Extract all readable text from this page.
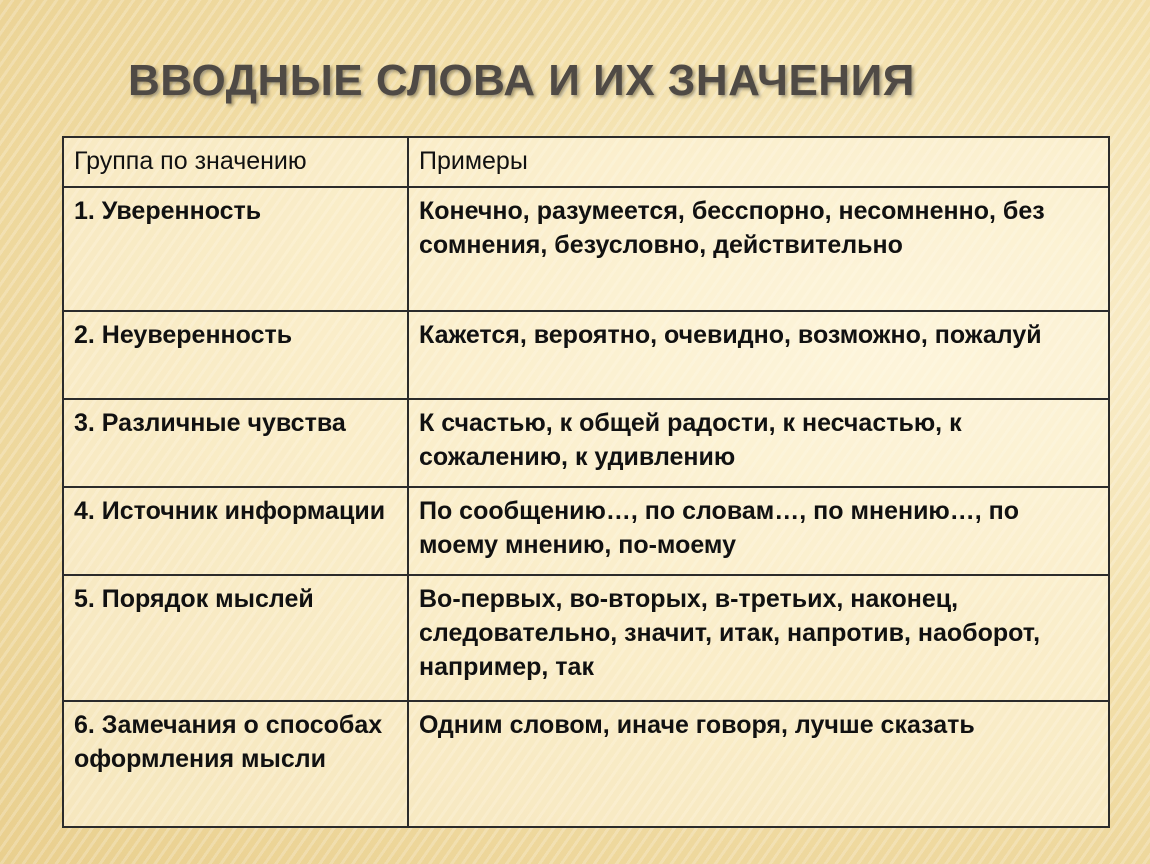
ВВОДНЫЕ СЛОВА И ИХ ЗНАЧЕНИЯ
Группа по значению	Примеры
1. Уверенность	Конечно, разумеется, бесспорно, несомненно, без сомнения, безусловно, действительно
2. Неуверенность	Кажется, вероятно, очевидно, возможно, пожалуй
3. Различные чувства	К счастью, к общей радости, к несчастью, к сожалению, к удивлению
4. Источник информации	По сообщению…, по словам…, по мнению…, по моему мнению, по-моему
5. Порядок мыслей	Во-первых, во-вторых, в-третьих, наконец, следовательно, значит, итак, напротив, наоборот, например, так
6. Замечания о способах оформления мысли	Одним словом, иначе говоря, лучше сказать
